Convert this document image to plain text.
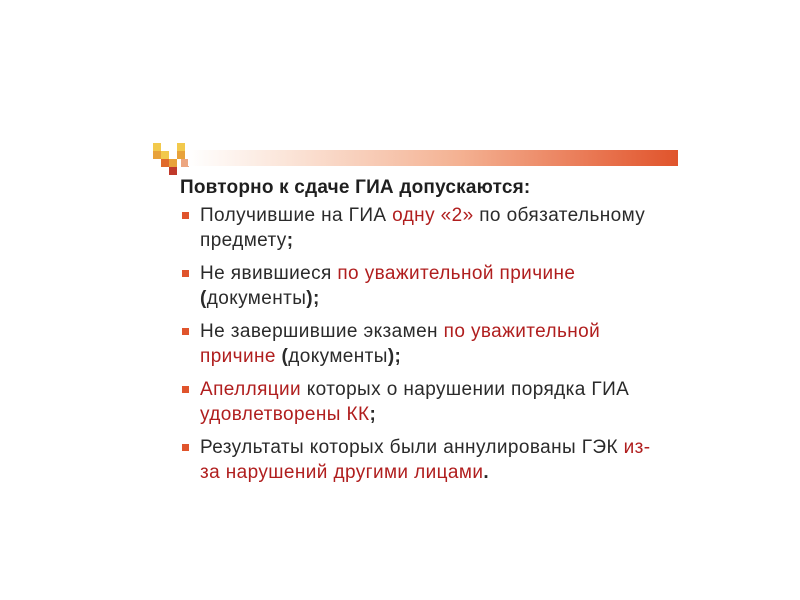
Повторно к сдаче ГИА допускаются:
Получившие на ГИА одну «2» по обязательному предмету;
Не явившиеся по уважительной причине (документы);
Не завершившие экзамен по уважительной причине (документы);
Апелляции которых о нарушении порядка ГИА удовлетворены КК;
Результаты которых были аннулированы ГЭК из-за нарушений другими лицами.
